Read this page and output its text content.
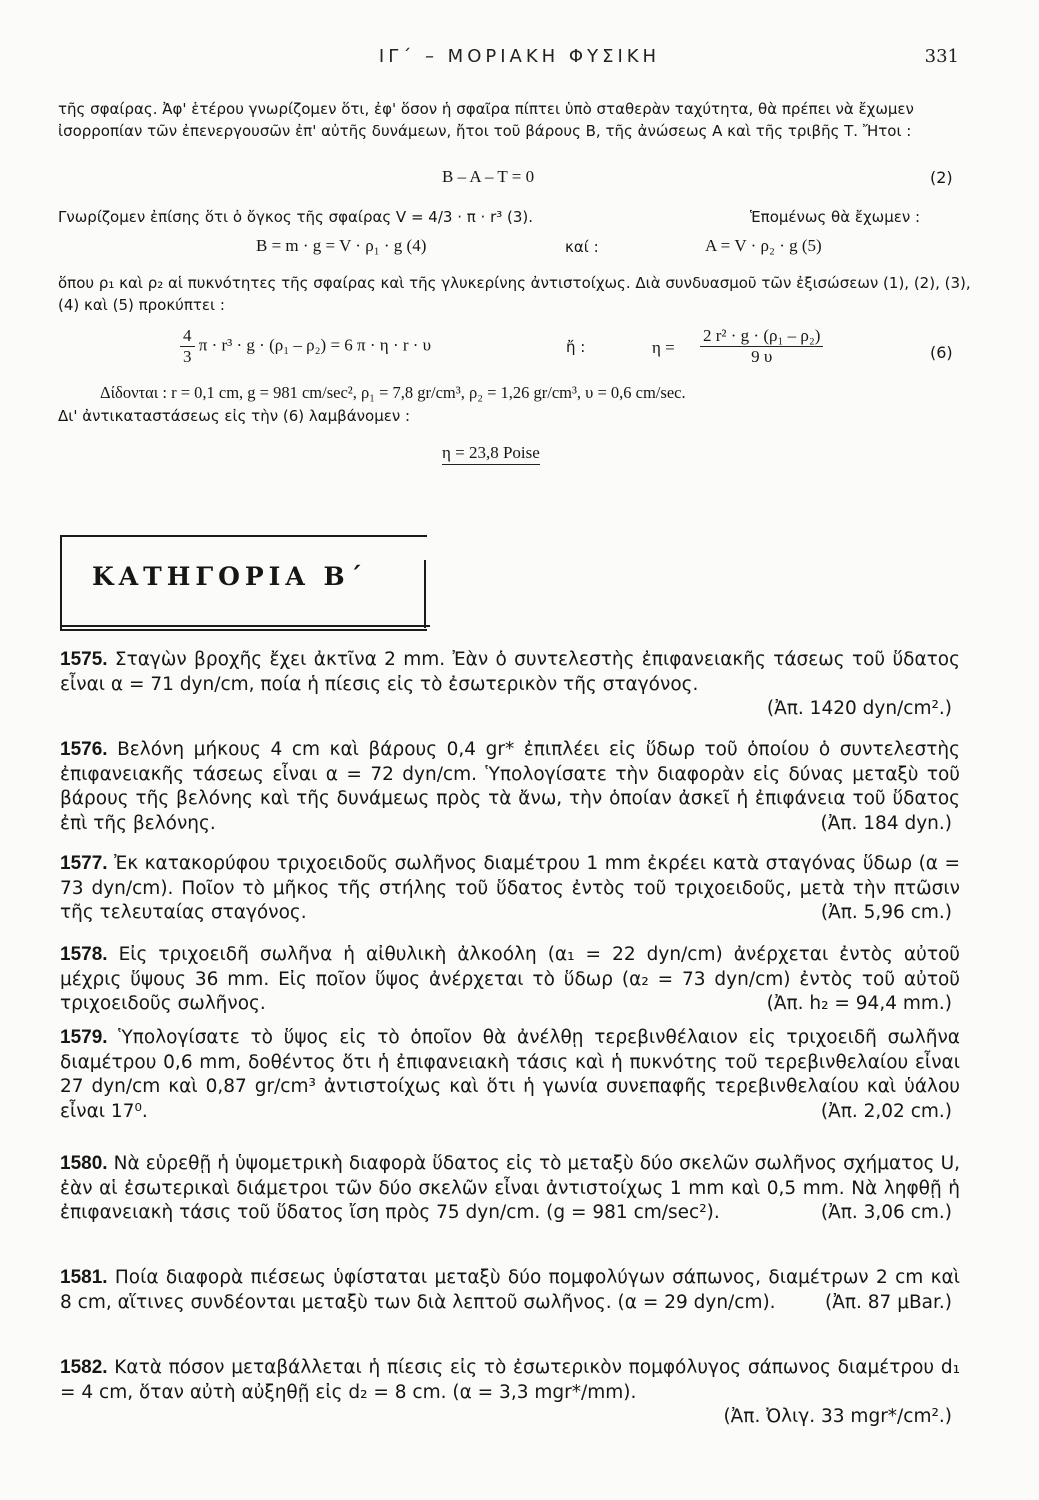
ΙΓ΄ – ΜΟΡΙΑΚΗ ΦΥΣΙΚΗ	331

τῆς σφαίρας. Ἀφ' ἑτέρου γνωρίζομεν ὅτι, ἐφ' ὅσον ἡ σφαῖρα πίπτει ὑπὸ σταθερὰν ταχύτητα, θὰ πρέπει νὰ ἔχωμεν ἰσορροπίαν τῶν ἐπενεργουσῶν ἐπ' αὐτῆς δυνάμεων, ἤτοι τοῦ βάρους Β, τῆς ἀνώσεως Α καὶ τῆς τριβῆς Τ. Ἤτοι :

Β – Α – Τ = 0	(2)
Γνωρίζομεν ἐπίσης ὅτι ὁ ὄγκος τῆς σφαίρας V = 4/3 · π · r³ (3).	Ἑπομένως θὰ ἔχωμεν :
Β = m · g = V · ρ₁ · g (4)	καί :	Α = V · ρ₂ · g (5)

ὅπου ρ₁ καὶ ρ₂ αἱ πυκνότητες τῆς σφαίρας καὶ τῆς γλυκερίνης ἀντιστοίχως. Διὰ συνδυασμοῦ τῶν ἐξισώσεων (1), (2), (3), (4) καὶ (5) προκύπτει :

$\frac{4}{3}$ π · r³ · g · (ρ₁ – ρ₂) = 6 π · η · r · υ	ἤ :	$\eta = \frac{\text{2 r² · g · (ρ₁ – ρ₂)}}{9 \upsilon}$	(6)
Δίδονται : r = 0,1 cm, g = 981 cm/sec², ρ₁ = 7,8 gr/cm³, ρ₂ = 1,26 gr/cm³, υ = 0,6 cm/sec.
Δι' ἀντικαταστάσεως εἰς τὴν (6) λαμβάνομεν :
η = 23,8 Poise
ΚΑΤΗΓΟΡΙΑ Β΄
1575. Σταγὼν βροχῆς ἔχει ἀκτῖνα 2 mm. Ἐὰν ὁ συντελεστὴς ἐπιφανειακῆς τάσεως τοῦ ὕδατος εἶναι α = 71 dyn/cm, ποία ἡ πίεσις εἰς τὸ ἐσωτερικὸν τῆς σταγόνος.
(Ἀπ. 1420 dyn/cm².)
1576. Βελόνη μήκους 4 cm καὶ βάρους 0,4 gr* ἐπιπλέει εἰς ὕδωρ τοῦ ὁποίου ὁ συντελεστὴς ἐπιφανειακῆς τάσεως εἶναι α = 72 dyn/cm. Ὑπολογίσατε τὴν διαφορὰν εἰς δύνας μεταξὺ τοῦ βάρους τῆς βελόνης καὶ τῆς δυνάμεως πρὸς τὰ ἄνω, τὴν ὁποίαν ἀσκεῖ ἡ ἐπιφάνεια τοῦ ὕδατος ἐπὶ τῆς βελόνης.	(Ἀπ. 184 dyn.)
1577. Ἐκ κατακορύφου τριχοειδοῦς σωλῆνος διαμέτρου 1 mm ἐκρέει κατὰ σταγόνας ὕδωρ (α = 73 dyn/cm). Ποῖον τὸ μῆκος τῆς στήλης τοῦ ὕδατος ἐντὸς τοῦ τριχοειδοῦς, μετὰ τὴν πτῶσιν τῆς τελευταίας σταγόνος.	(Ἀπ. 5,96 cm.)
1578. Εἰς τριχοειδῆ σωλῆνα ἡ αἰθυλικὴ ἀλκοόλη (α₁ = 22 dyn/cm) ἀνέρχεται ἐντὸς αὐτοῦ μέχρις ὕψους 36 mm. Εἰς ποῖον ὕψος ἀνέρχεται τὸ ὕδωρ (α₂ = 73 dyn/cm) ἐντὸς τοῦ αὐτοῦ τριχοειδοῦς σωλῆνος.	(Ἀπ. h₂ = 94,4 mm.)
1579. Ὑπολογίσατε τὸ ὕψος εἰς τὸ ὁποῖον θὰ ἀνέλθῃ τερεβινθέλαιον εἰς τριχοειδῆ σωλῆνα διαμέτρου 0,6 mm, δοθέντος ὅτι ἡ ἐπιφανειακὴ τάσις καὶ ἡ πυκνότης τοῦ τερεβινθελαίου εἶναι 27 dyn/cm καὶ 0,87 gr/cm³ ἀντιστοίχως καὶ ὅτι ἡ γωνία συνεπαφῆς τερεβινθελαίου καὶ ὑάλου εἶναι 17⁰.	(Ἀπ. 2,02 cm.)
1580. Νὰ εὑρεθῇ ἡ ὑψομετρικὴ διαφορὰ ὕδατος εἰς τὸ μεταξὺ δύο σκελῶν σωλῆνος σχήματος U, ἐὰν αἱ ἐσωτερικαὶ διάμετροι τῶν δύο σκελῶν εἶναι ἀντιστοίχως 1 mm καὶ 0,5 mm. Νὰ ληφθῇ ἡ ἐπιφανειακὴ τάσις τοῦ ὕδατος ἴση πρὸς 75 dyn/cm. (g = 981 cm/sec²).	(Ἀπ. 3,06 cm.)
1581. Ποία διαφορὰ πιέσεως ὑφίσταται μεταξὺ δύο πομφολύγων σάπωνος, διαμέτρων 2 cm καὶ 8 cm, αἵτινες συνδέονται μεταξὺ των διὰ λεπτοῦ σωλῆνος. (α = 29 dyn/cm).	(Ἀπ. 87 μBar.)
1582. Κατὰ πόσον μεταβάλλεται ἡ πίεσις εἰς τὸ ἐσωτερικὸν πομφόλυγος σάπωνος διαμέτρου d₁ = 4 cm, ὅταν αὐτὴ αὐξηθῇ εἰς d₂ = 8 cm. (α = 3,3 mgr*/mm).
(Ἀπ. Ὀλιγ. 33 mgr*/cm².)
